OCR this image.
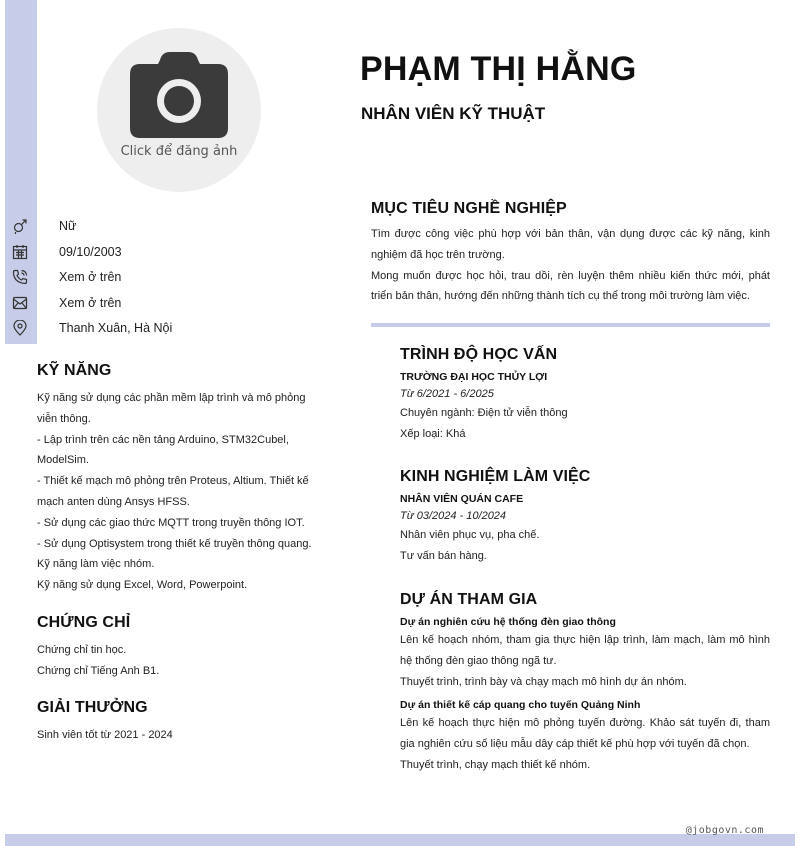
@jobgovn.com
Click để đăng ảnh
PHẠM THỊ HẰNG
NHÂN VIÊN KỸ THUẬT
Nữ
09/10/2003
Xem ở trên
Xem ở trên
Thanh Xuân, Hà Nội
KỸ NĂNG

Kỹ năng sử dụng các phần mềm lập trình và mô phỏng viễn thông.

- Lập trình trên các nền tảng Arduino, STM32Cubel, ModelSim.

- Thiết kế mạch mô phỏng trên Proteus, Altium. Thiết kế mạch anten dùng Ansys HFSS.

- Sử dụng các giao thức MQTT trong truyền thông IOT.

- Sử dụng Optisystem trong thiết kế truyền thông quang.

Kỹ năng làm việc nhóm.

Kỹ năng sử dụng Excel, Word, Powerpoint.

CHỨNG CHỈ

Chứng chỉ tin học.

Chứng chỉ Tiếng Anh B1.

GIẢI THƯỞNG

Sinh viên tốt từ 2021 - 2024

MỤC TIÊU NGHỀ NGHIỆP

Tìm được công việc phù hợp với bản thân, vận dụng được các kỹ năng, kinh nghiệm đã học trên trường.

Mong muốn được học hỏi, trau dồi, rèn luyện thêm nhiều kiến thức mới, phát triển bản thân, hướng đến những thành tích cụ thể trong môi trường làm việc.

TRÌNH ĐỘ HỌC VẤN
TRƯỜNG ĐẠI HỌC THỦY LỢI
Từ 6/2021 - 6/2025

Chuyên ngành: Điện tử viễn thông

Xếp loại: Khá

KINH NGHIỆM LÀM VIỆC
NHÂN VIÊN QUÁN CAFE
Từ 03/2024 - 10/2024

Nhân viên phục vụ, pha chế.

Tư vấn bán hàng.

DỰ ÁN THAM GIA
Dự án nghiên cứu hệ thống đèn giao thông

Lên kế hoạch nhóm, tham gia thực hiện lập trình, làm mạch, làm mô hình hệ thống đèn giao thông ngã tư.

Thuyết trình, trình bày và chạy mạch mô hình dự án nhóm.

Dự án thiết kế cáp quang cho tuyến Quảng Ninh

Lên kế hoạch thực hiện mô phỏng tuyến đường. Khảo sát tuyến đi, tham gia nghiên cứu số liệu mẫu dây cáp thiết kế phù hợp với tuyến đã chọn.

Thuyết trình, chạy mạch thiết kế nhóm.
